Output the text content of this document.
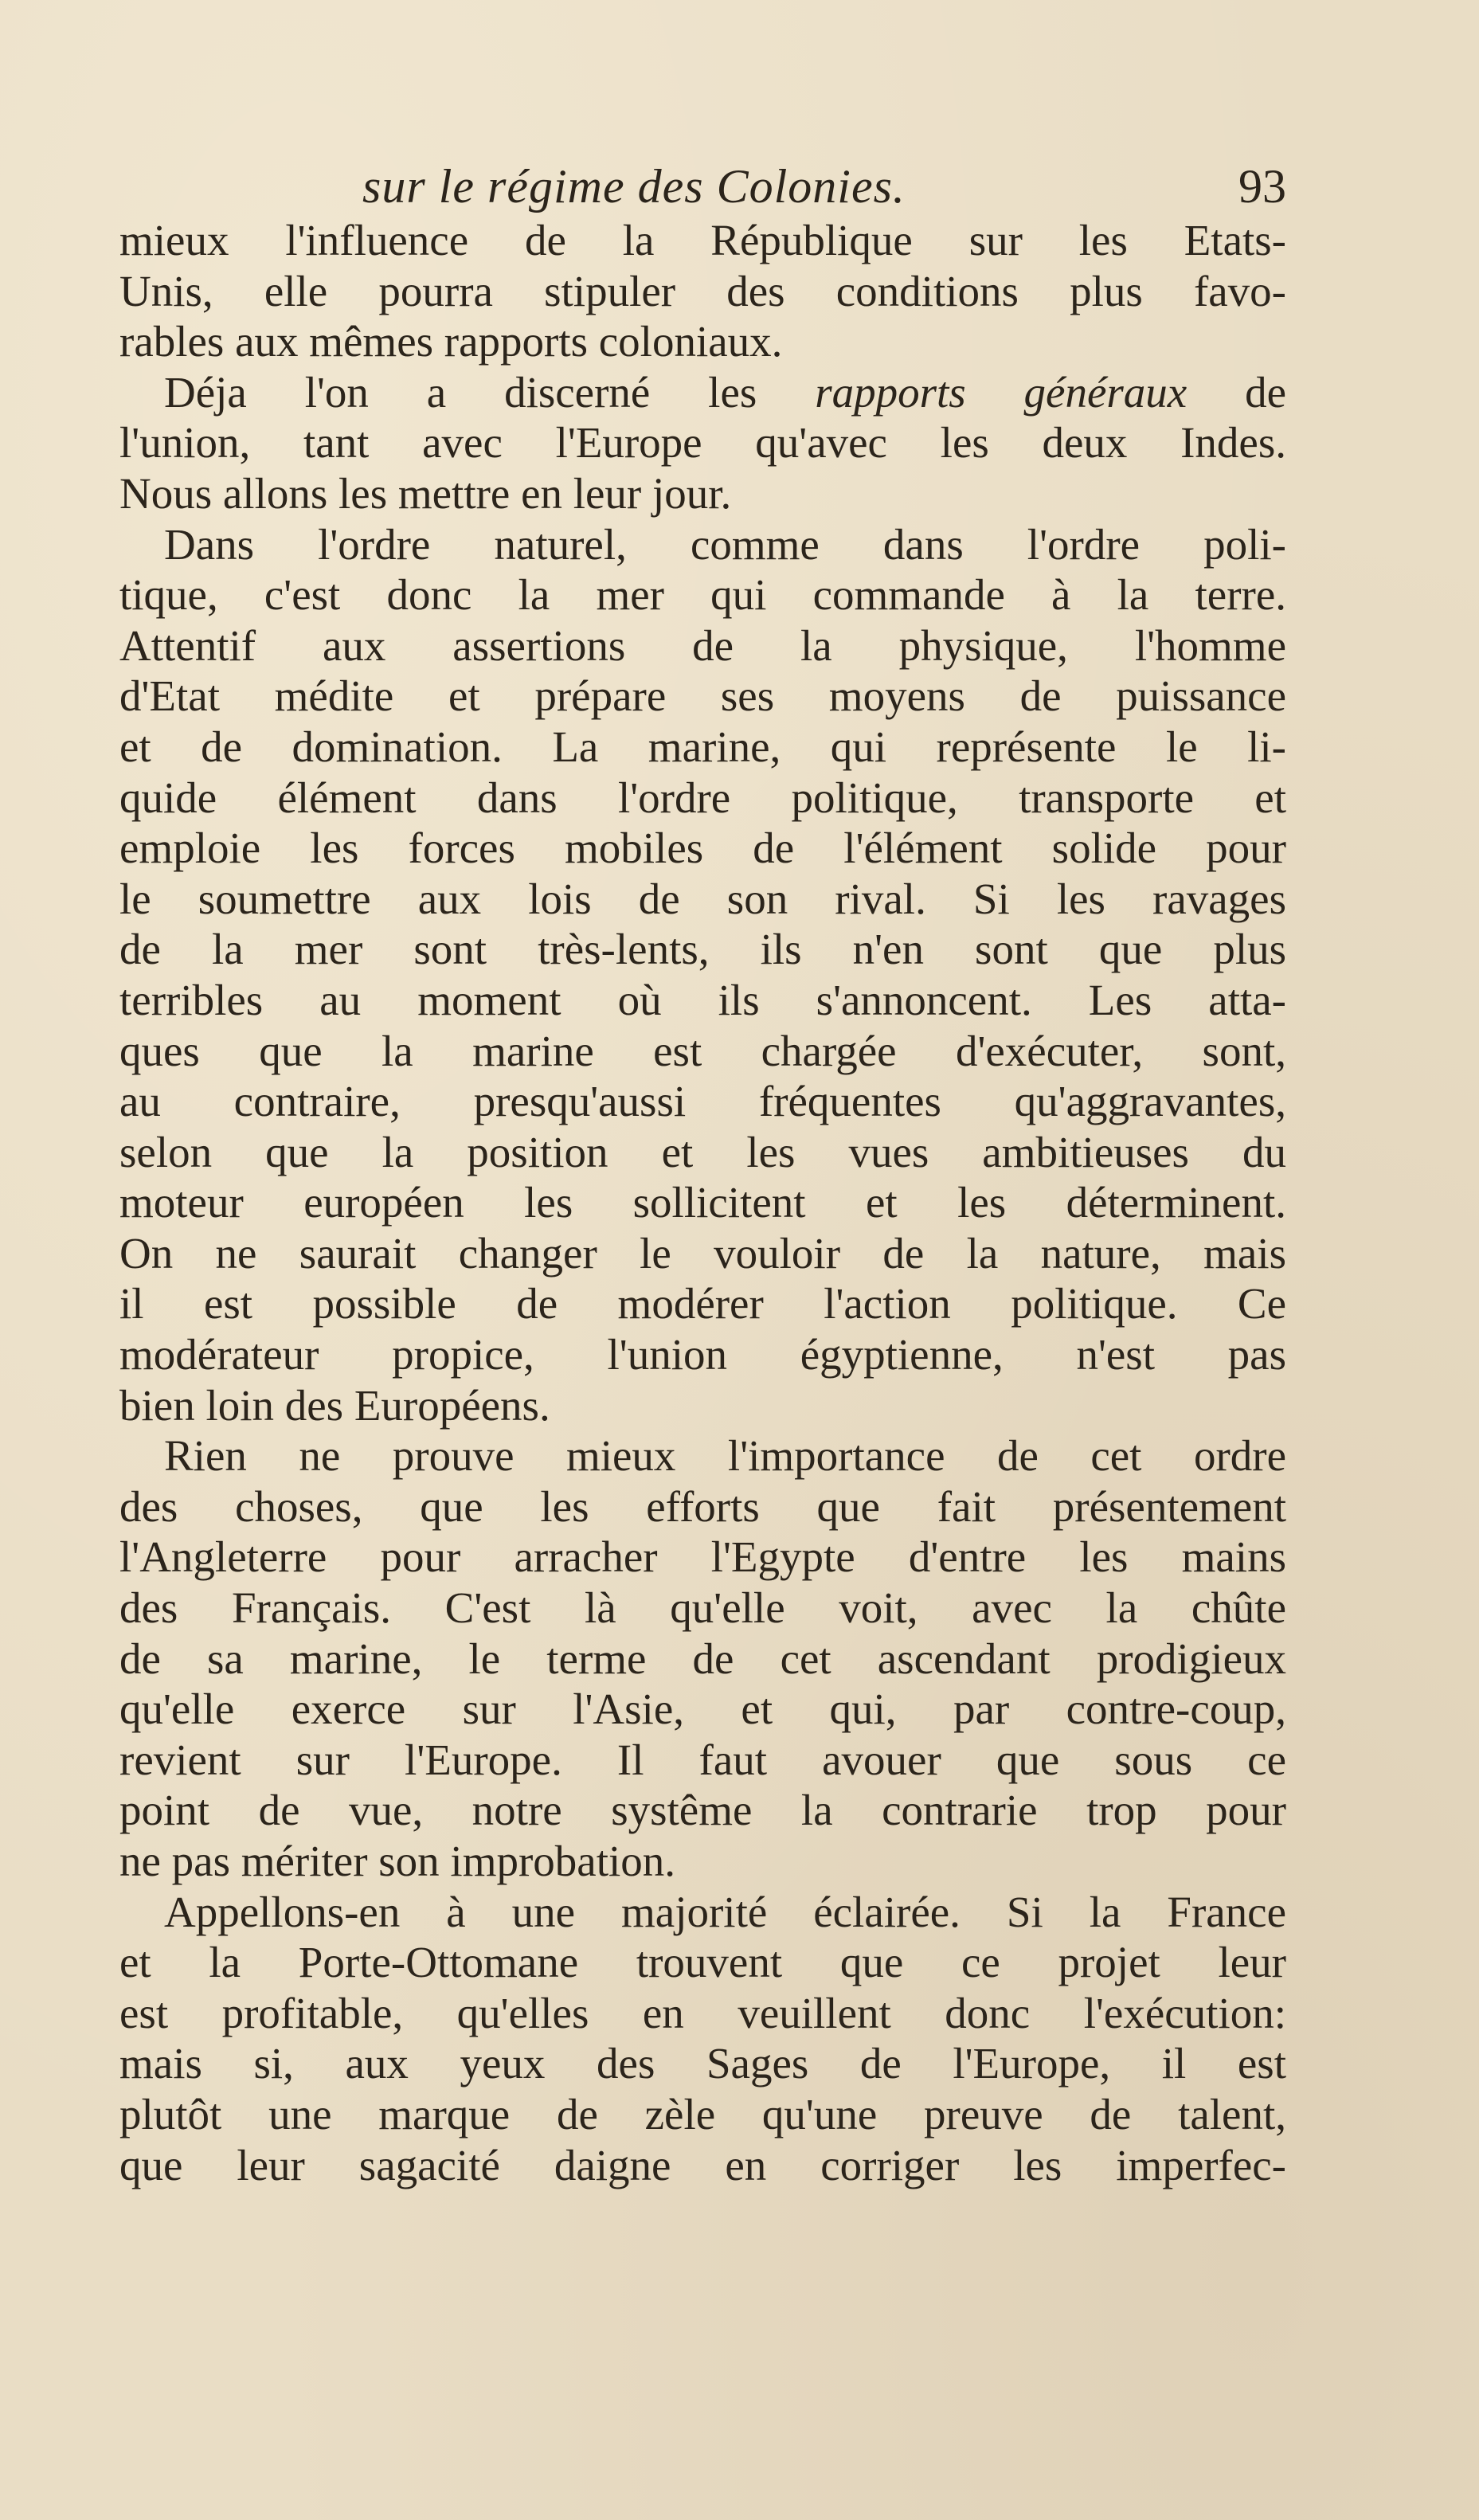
sur le régime des Colonies.	93
mieux l'influence de la République sur les Etats-
Unis, elle pourra stipuler des conditions plus favo-
rables aux mêmes rapports coloniaux.
Déja l'on a discerné les rapports généraux de
l'union, tant avec l'Europe qu'avec les deux Indes.
Nous allons les mettre en leur jour.
Dans l'ordre naturel, comme dans l'ordre poli-
tique, c'est donc la mer qui commande à la terre.
Attentif aux assertions de la physique, l'homme
d'Etat médite et prépare ses moyens de puissance
et de domination. La marine, qui représente le li-
quide élément dans l'ordre politique, transporte et
emploie les forces mobiles de l'élément solide pour
le soumettre aux lois de son rival. Si les ravages
de la mer sont très-lents, ils n'en sont que plus
terribles au moment où ils s'annoncent. Les atta-
ques que la marine est chargée d'exécuter, sont,
au contraire, presqu'aussi fréquentes qu'aggravantes,
selon que la position et les vues ambitieuses du
moteur européen les sollicitent et les déterminent.
On ne saurait changer le vouloir de la nature, mais
il est possible de modérer l'action politique. Ce
modérateur propice, l'union égyptienne, n'est pas
bien loin des Européens.
Rien ne prouve mieux l'importance de cet ordre
des choses, que les efforts que fait présentement
l'Angleterre pour arracher l'Egypte d'entre les mains
des Français. C'est là qu'elle voit, avec la chûte
de sa marine, le terme de cet ascendant prodigieux
qu'elle exerce sur l'Asie, et qui, par contre-coup,
revient sur l'Europe. Il faut avouer que sous ce
point de vue, notre systême la contrarie trop pour
ne pas mériter son improbation.
Appellons-en à une majorité éclairée. Si la France
et la Porte-Ottomane trouvent que ce projet leur
est profitable, qu'elles en veuillent donc l'exécution:
mais si, aux yeux des Sages de l'Europe, il est
plutôt une marque de zèle qu'une preuve de talent,
que leur sagacité daigne en corriger les imperfec-
